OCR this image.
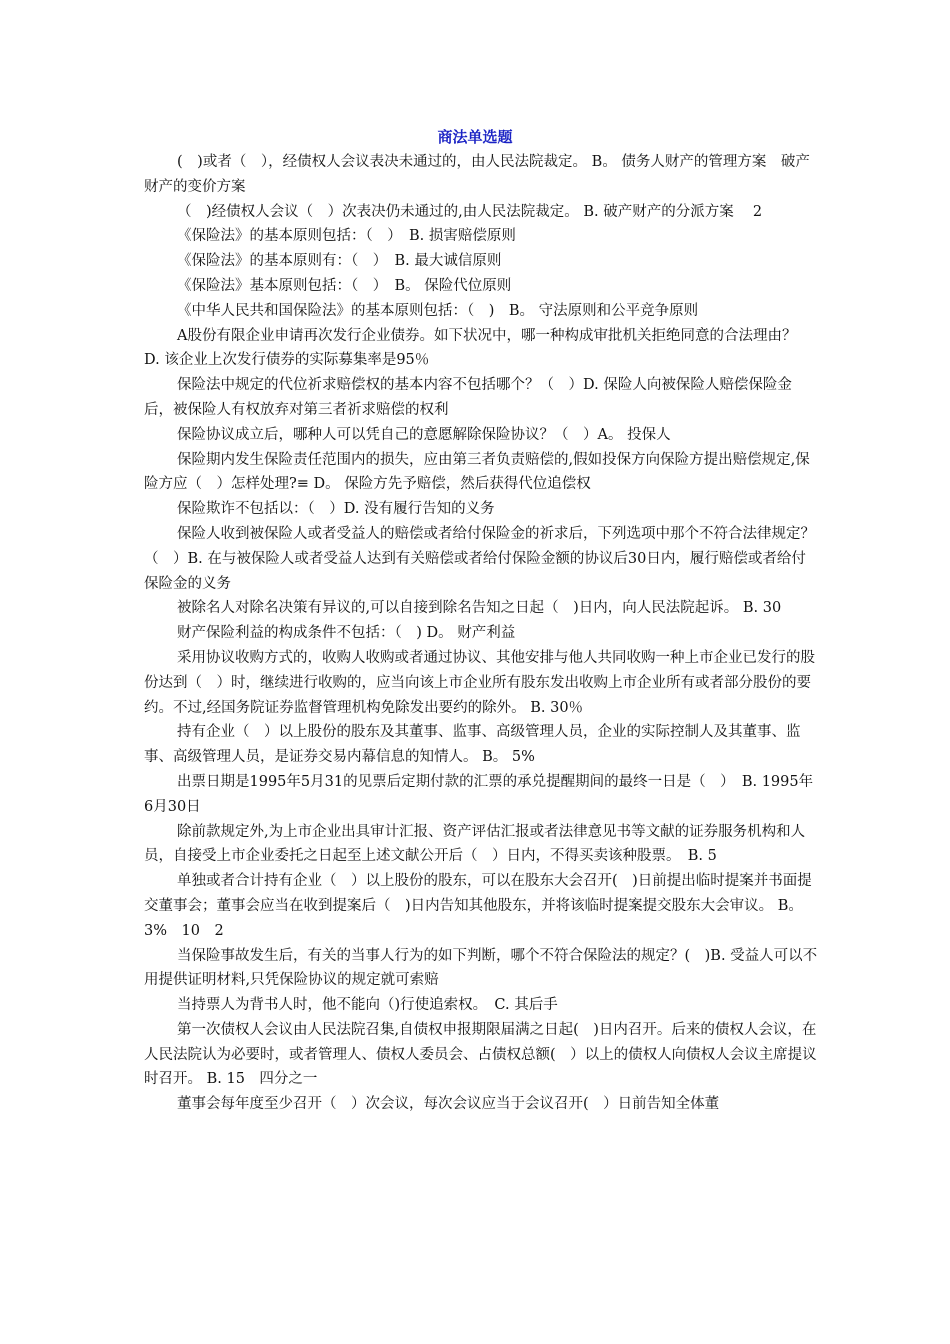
商法单选题

(　)或者（　），经债权人会议表决未通过的，由人民法院裁定。 B。 债务人财产的管理方案　破产财产的变价方案

（　)经债权人会议（　）次表决仍未通过的,由人民法院裁定。 B. 破产财产的分派方案　 2

《保险法》的基本原则包括：（　）　B. 损害赔偿原则

《保险法》的基本原则有：（　）　B. 最大诚信原则

《保险法》基本原则包括：（　）　B。 保险代位原则

《中华人民共和国保险法》的基本原则包括：（　)　B。 守法原则和公平竞争原则

A股份有限企业申请再次发行企业债券。如下状况中，哪一种构成审批机关拒绝同意的合法理由？　D. 该企业上次发行债券的实际募集率是95％

保险法中规定的代位祈求赔偿权的基本内容不包括哪个？（　）D. 保险人向被保险人赔偿保险金后，被保险人有权放弃对第三者祈求赔偿的权利

保险协议成立后，哪种人可以凭自己的意愿解除保险协议？（　）A。 投保人

保险期内发生保险责任范围内的损失，应由第三者负责赔偿的,假如投保方向保险方提出赔偿规定,保险方应（　）怎样处理?≡ D。 保险方先予赔偿，然后获得代位追偿权

保险欺诈不包括以：（　）D. 没有履行告知的义务

保险人收到被保险人或者受益人的赔偿或者给付保险金的祈求后，下列选项中那个不符合法律规定？（　）B. 在与被保险人或者受益人达到有关赔偿或者给付保险金额的协议后30日内，履行赔偿或者给付保险金的义务

被除名人对除名决策有异议的,可以自接到除名告知之日起（　)日内，向人民法院起诉。 B. 30

财产保险利益的构成条件不包括：（　) D。 财产利益

采用协议收购方式的，收购人收购或者通过协议、其他安排与他人共同收购一种上市企业已发行的股份达到（　）时，继续进行收购的，应当向该上市企业所有股东发出收购上市企业所有或者部分股份的要约。不过,经国务院证券监督管理机构免除发出要约的除外。 B. 30％

持有企业（　）以上股份的股东及其董事、监事、高级管理人员，企业的实际控制人及其董事、监事、高级管理人员，是证券交易内幕信息的知情人。 B。 5%

出票日期是1995年5月31的见票后定期付款的汇票的承兑提醒期间的最终一日是（　）　B. 1995年6月30日

除前款规定外,为上市企业出具审计汇报、资产评估汇报或者法律意见书等文献的证券服务机构和人员，自接受上市企业委托之日起至上述文献公开后（　）日内，不得买卖该种股票。　B. 5

单独或者合计持有企业（　）以上股份的股东，可以在股东大会召开(　)日前提出临时提案并书面提交董事会；董事会应当在收到提案后（　)日内告知其他股东，并将该临时提案提交股东大会审议。 B。 3%　10　2

当保险事故发生后，有关的当事人行为的如下判断，哪个不符合保险法的规定？(　)B. 受益人可以不用提供证明材料,只凭保险协议的规定就可索赔

当持票人为背书人时，他不能向（)行使追索权。　C. 其后手

第一次债权人会议由人民法院召集,自债权申报期限届满之日起(　)日内召开。后来的债权人会议，在人民法院认为必要时，或者管理人、债权人委员会、占债权总额(　）以上的债权人向债权人会议主席提议时召开。 B. 15　四分之一

董事会每年度至少召开（　）次会议，每次会议应当于会议召开(　）日前告知全体董
